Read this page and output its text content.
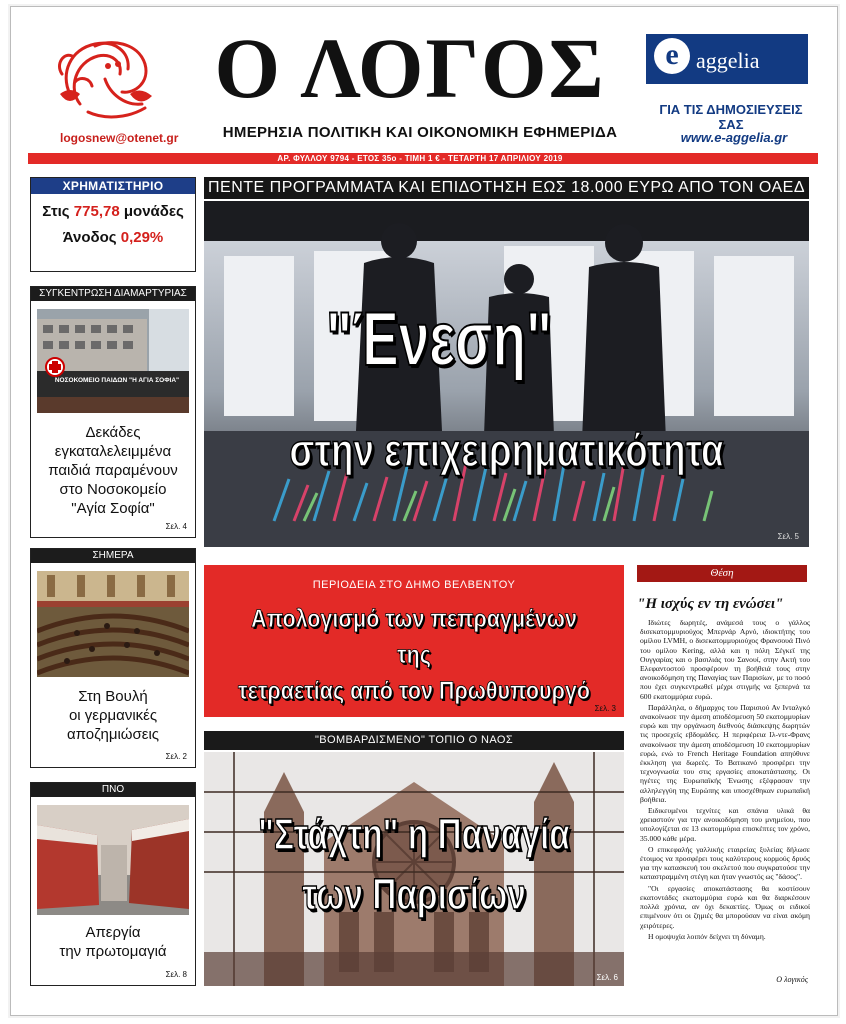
logosnew@otenet.gr
Ο ΛΟΓΟΣ
ΗΜΕΡΗΣΙΑ ΠΟΛΙΤΙΚΗ ΚΑΙ ΟΙΚΟΝΟΜΙΚΗ ΕΦΗΜΕΡΙΔΑ
e aggelia
ΓΙΑ ΤΙΣ ΔΗΜΟΣΙΕΥΣΕΙΣ ΣΑΣ
www.e-aggelia.gr
ΑΡ. ΦΥΛΛΟΥ 9794 - ΕΤΟΣ 35ο - ΤΙΜΗ 1 € - ΤΕΤΑΡΤΗ 17 ΑΠΡΙΛΙΟΥ 2019
ΧΡΗΜΑΤΙΣΤΗΡΙΟ
Στις 775,78 μονάδες
Άνοδος 0,29%
ΣΥΓΚΕΝΤΡΩΣΗ ΔΙΑΜΑΡΤΥΡΙΑΣ
ΝΟΣΟΚΟΜΕΙΟ ΠΑΙΔΩΝ "Η ΑΓΙΑ ΣΟΦΙΑ"
Δεκάδες
εγκαταλελειμμένα
παιδιά παραμένουν
στο Νοσοκομείο
"Αγία Σοφία"
Σελ. 4
ΣΗΜΕΡΑ
Στη Βουλή
οι γερμανικές
αποζημιώσεις
Σελ. 2
ΠΝΟ
Απεργία
την πρωτομαγιά
Σελ. 8
ΠΕΝΤΕ ΠΡΟΓΡΑΜΜΑΤΑ ΚΑΙ ΕΠΙΔΟΤΗΣΗ ΕΩΣ 18.000 ΕΥΡΩ ΑΠΟ ΤΟΝ ΟΑΕΔ
"Ένεση"
στην επιχειρηματικότητα
Σελ. 5
ΠΕΡΙΟΔΕΙΑ ΣΤΟ ΔΗΜΟ ΒΕΛΒΕΝΤΟΥ
Απολογισμό των πεπραγμένων της
τετραετίας από τον Πρωθυπουργό
Σελ. 3
"ΒΟΜΒΑΡΔΙΣΜΕΝΟ" ΤΟΠΙΟ Ο ΝΑΟΣ
"Στάχτη" η Παναγία
των Παρισίων
Σελ. 6
Θέση
"Η ισχύς εν τη ενώσει"

Ιδιώτες δωρητές, ανάμεσά τους ο γάλλος δισεκατομμυριούχος Μπερνάρ Αρνό, ιδιοκτήτης του ομίλου LVMH, ο δισεκατομμυριούχος Φρανσουά Πινό του ομίλου Kering, αλλά και η πόλη Σέγκεϊ της Ουγγαρίας και ο βασιλιάς του Σανουί, στην Ακτή του Ελεφαντοστού προσφέρουν τη βοήθειά τους στην ανοικοδόμηση της Παναγίας των Παρισίων, με το ποσό που έχει συγκεντρωθεί μέχρι στιγμής να ξεπερνά τα 600 εκατομμύρια ευρώ.

Παράλληλα, ο δήμαρχος του Παρισιού Αν Ινταλγκό ανακοίνωσε την άμεση αποδέσμευση 50 εκατομμυρίων ευρώ και την οργάνωση διεθνούς διάσκεψης δωρητών τις προσεχείς εβδομάδες. Η περιφέρεια Ιλ-ντε-Φρανς ανακοίνωσε την άμεση αποδέσμευση 10 εκατομμυρίων ευρώ, ενώ το French Heritage Foundation απηύθυνε έκκληση για δωρεές. Το Βατικανό προσφέρει την τεχνογνωσία του στις εργασίες αποκατάστασης. Οι ηγέτες της Ευρωπαϊκής Ένωσης εξέφρασαν την αλληλεγγύη της Ευρώπης και υποσχέθηκαν ευρωπαϊκή βοήθεια.

Ειδικευμένοι τεχνίτες και σπάνια υλικά θα χρειαστούν για την ανοικοδόμηση του μνημείου, που υπολογίζεται σε 13 εκατομμύρια επισκέπτες τον χρόνο, 35.000 κάθε μέρα.

Ο επικεφαλής γαλλικής εταιρείας ξυλείας δήλωσε έτοιμος να προσφέρει τους καλύτερους κορμούς δρυός για την κατασκευή του σκελετού που συγκρατούσε την καταστραμμένη στέγη και ήταν γνωστός ως "δάσος".

"Οι εργασίες αποκατάστασης θα κοστίσουν εκατοντάδες εκατομμύρια ευρώ και θα διαρκέσουν πολλά χρόνια, αν όχι δεκαετίες. Όμως οι ειδικοί επιμένουν ότι οι ζημιές θα μπορούσαν να είναι ακόμη χειρότερες.

Η ομοψυχία λοιπόν δείχνει τη δύναμη.

Ο λογικός
